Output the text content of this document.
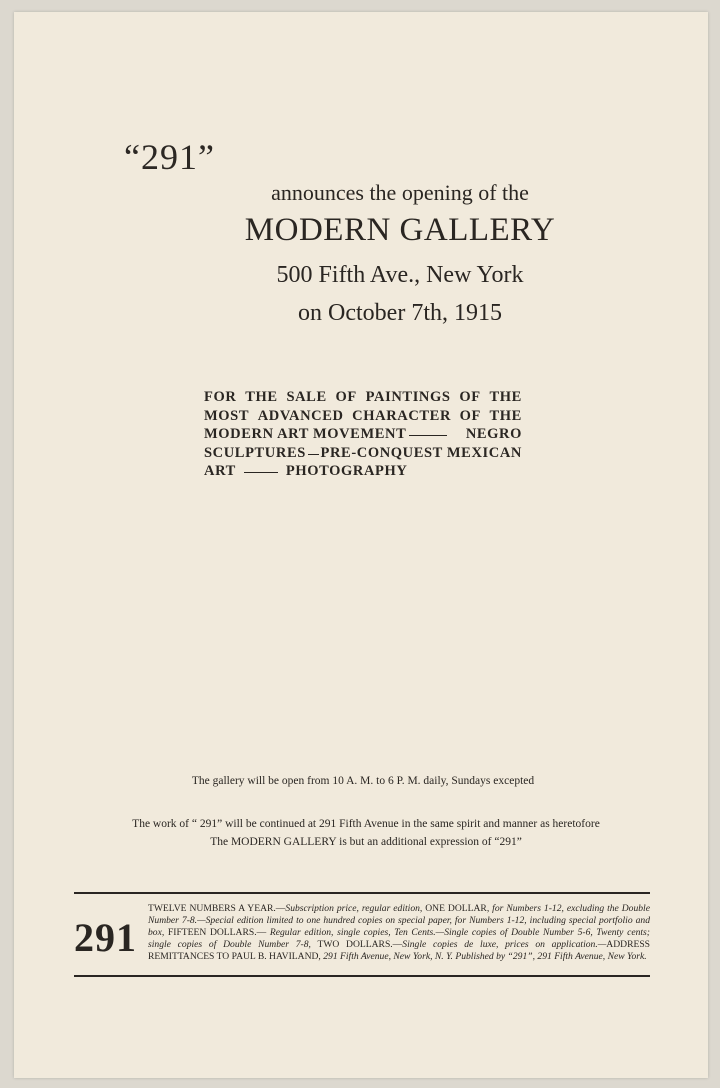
“291”
announces the opening of the
MODERN GALLERY
500 Fifth Ave., New York
on October 7th, 1915
FOR THE SALE OF PAINTINGS OF THE
MOST ADVANCED CHARACTER OF THE
MODERN ART MOVEMENT	NEGRO
SCULPTURES PRE-CONQUEST MEXICAN
ART	PHOTOGRAPHY
The gallery will be open from 10 A. M. to 6 P. M. daily, Sundays excepted
The work of “ 291” will be continued at 291 Fifth Avenue in the same spirit and manner as heretofore
The MODERN GALLERY is but an additional expression of “291”
291
TWELVE NUMBERS A YEAR.—Subscription price, regular edition, ONE DOLLAR, for Numbers 1-12, excluding the Double Number 7-8.—Special edition limited to one hundred copies on special paper, for Numbers 1-12, including special portfolio and box, FIFTEEN DOLLARS.— Regular edition, single copies, Ten Cents.—Single copies of Double Number 5-6, Twenty cents; single copies of Double Number 7-8, TWO DOLLARS.—Single copies de luxe, prices on application.—ADDRESS REMITTANCES TO PAUL B. HAVILAND, 291 Fifth Avenue, New York, N. Y. Published by “291”, 291 Fifth Avenue, New York.
